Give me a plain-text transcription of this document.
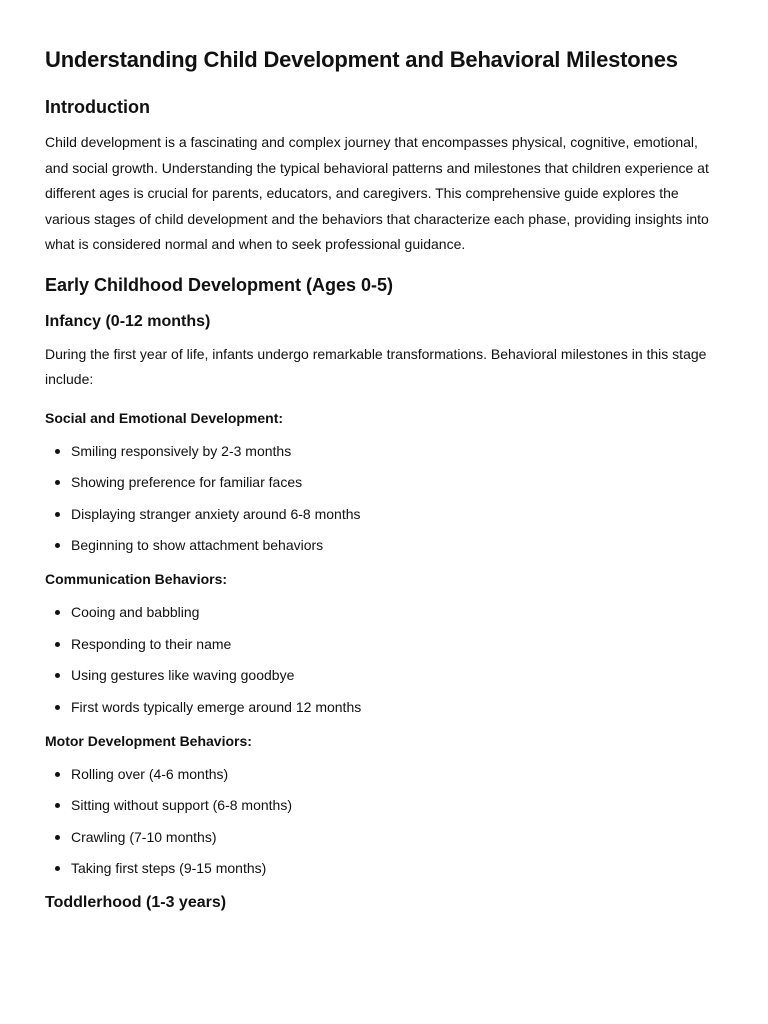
Understanding Child Development and Behavioral Milestones
Introduction

Child development is a fascinating and complex journey that encompasses physical, cognitive, emotional, and social growth. Understanding the typical behavioral patterns and milestones that children experience at different ages is crucial for parents, educators, and caregivers. This comprehensive guide explores the various stages of child development and the behaviors that characterize each phase, providing insights into what is considered normal and when to seek professional guidance.

Early Childhood Development (Ages 0-5)
Infancy (0-12 months)

During the first year of life, infants undergo remarkable transformations. Behavioral milestones in this stage include:

Social and Emotional Development:
Smiling responsively by 2-3 months
Showing preference for familiar faces
Displaying stranger anxiety around 6-8 months
Beginning to show attachment behaviors
Communication Behaviors:
Cooing and babbling
Responding to their name
Using gestures like waving goodbye
First words typically emerge around 12 months
Motor Development Behaviors:
Rolling over (4-6 months)
Sitting without support (6-8 months)
Crawling (7-10 months)
Taking first steps (9-15 months)
Toddlerhood (1-3 years)
